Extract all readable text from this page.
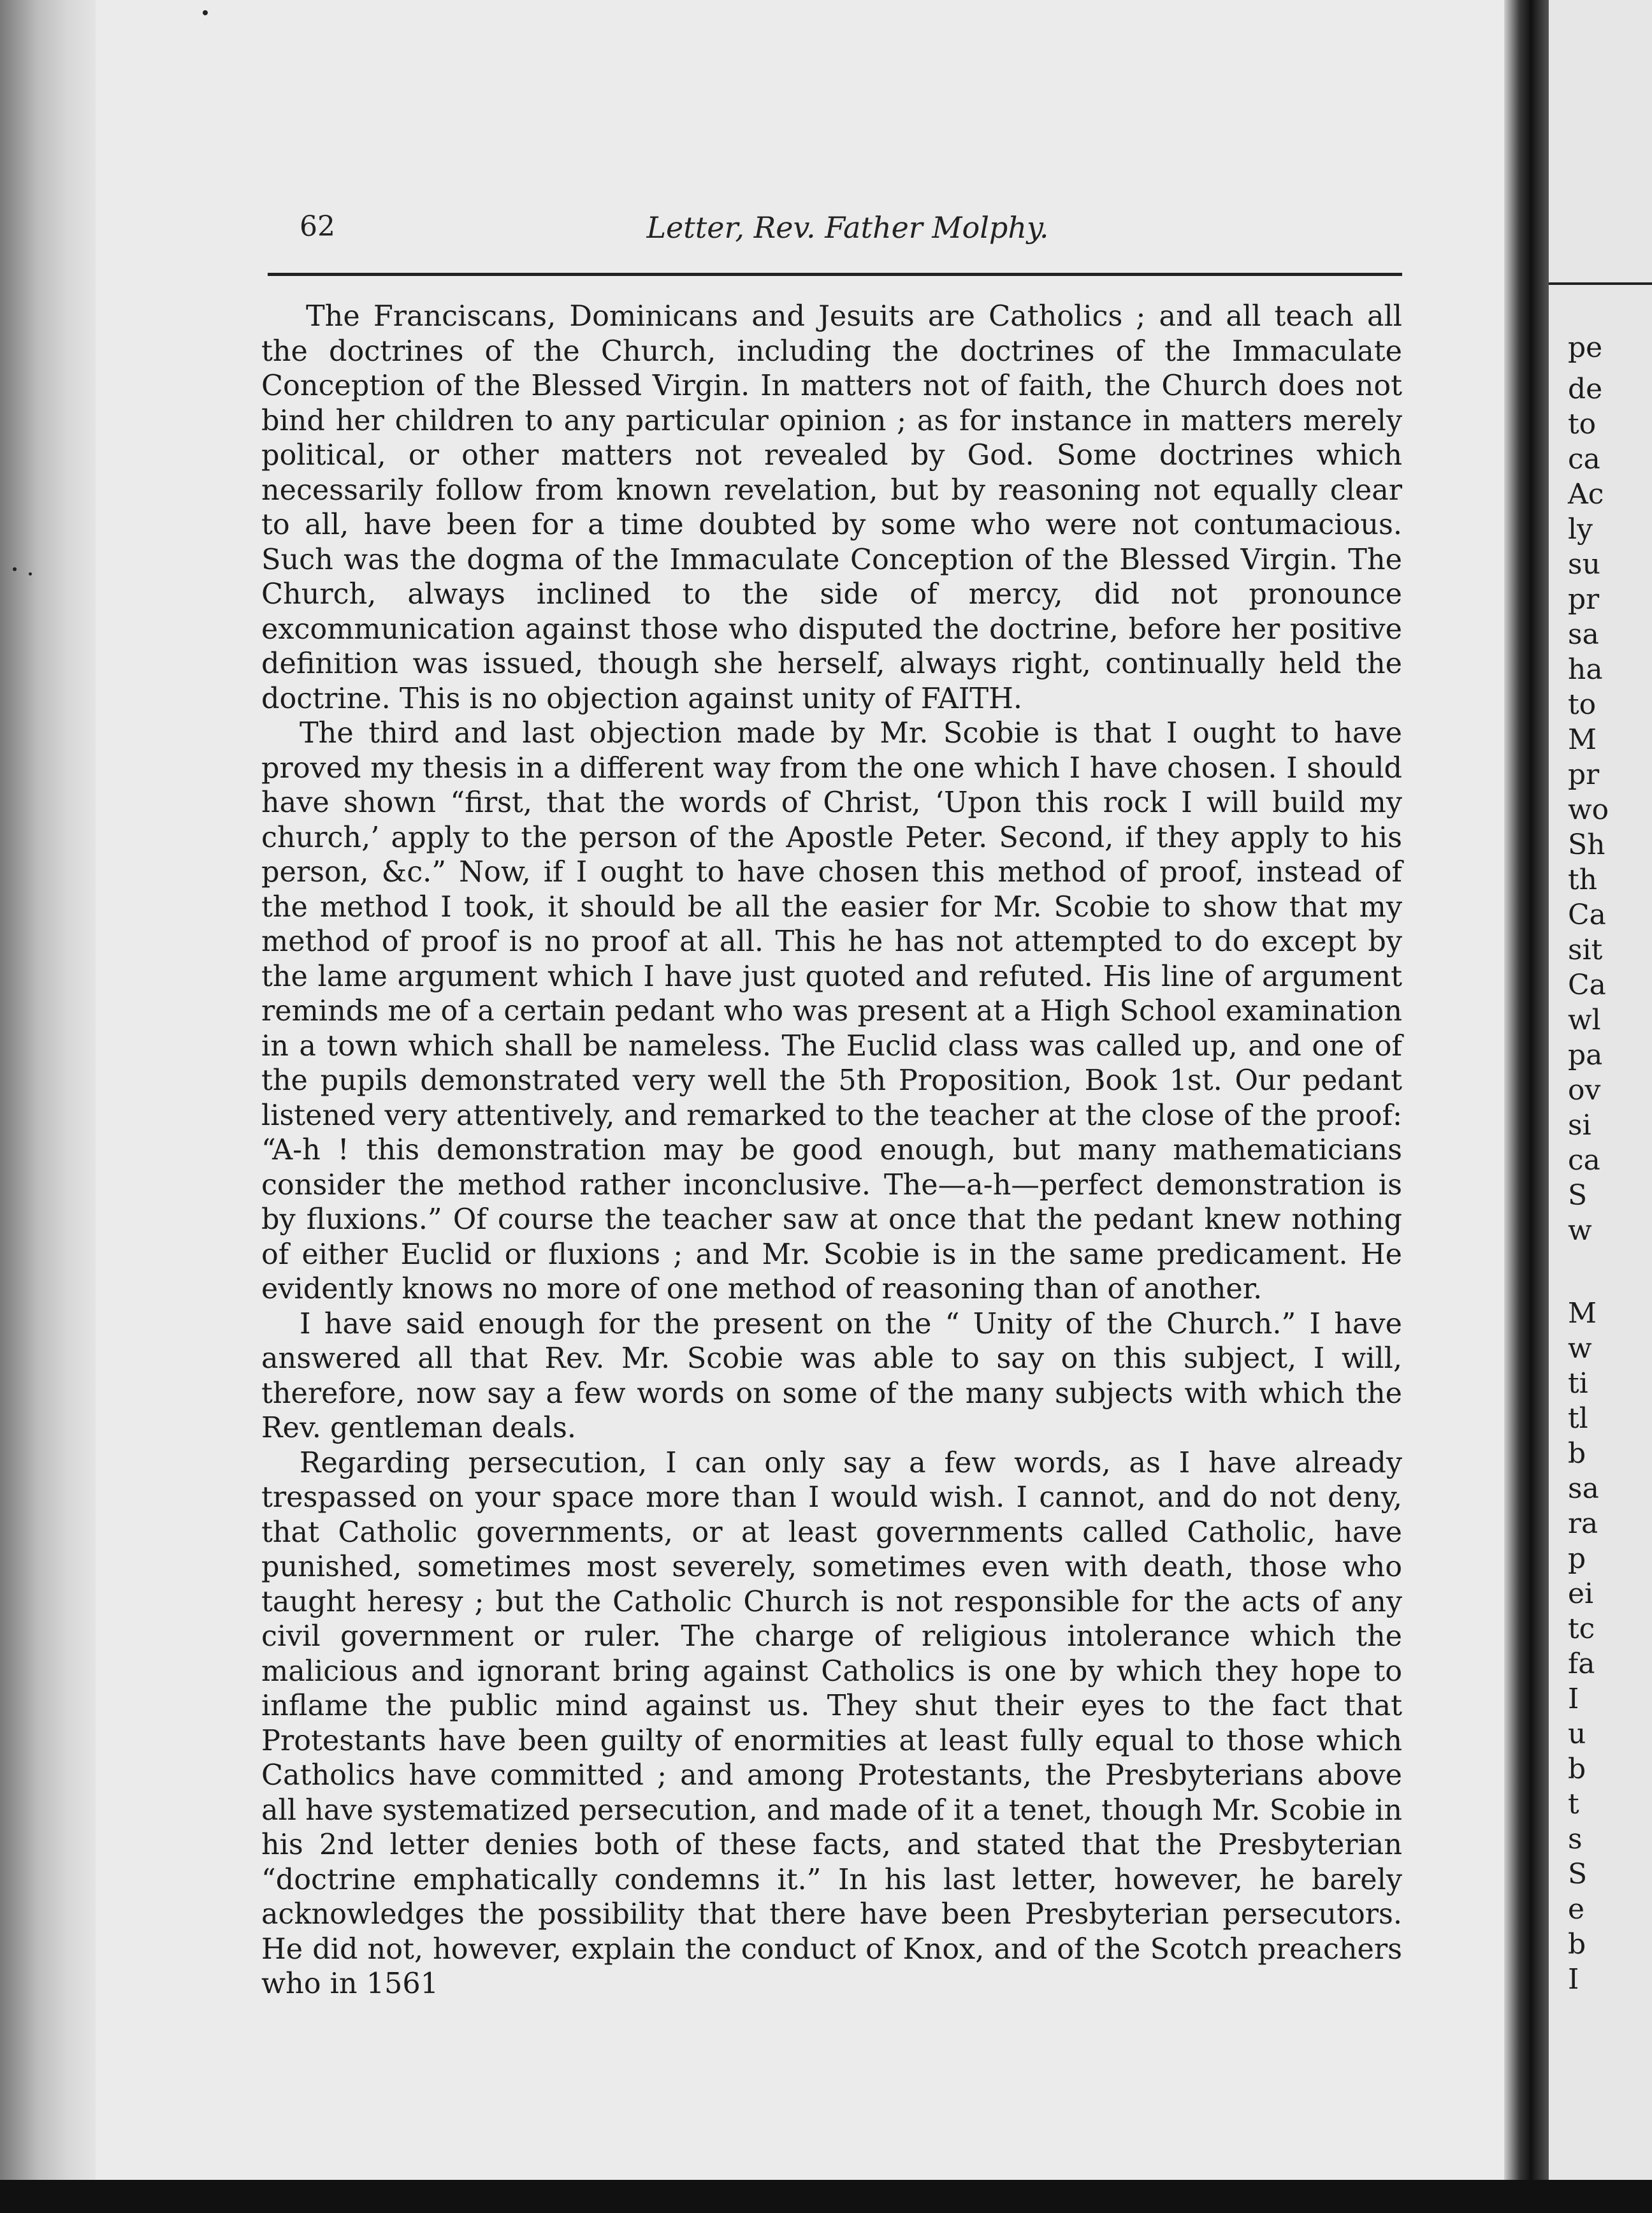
62	Letter, Rev. Father Molphy.

The Franciscans, Dominicans and Jesuits are Catholics ; and all teach all the doctrines of the Church, including the doctrines of the Immaculate Conception of the Blessed Virgin. In matters not of faith, the Church does not bind her children to any particular opinion ; as for instance in matters merely political, or other matters not revealed by God. Some doctrines which necessarily follow from known revelation, but by reasoning not equally clear to all, have been for a time doubted by some who were not contumacious. Such was the dogma of the Immaculate Conception of the Blessed Virgin. The Church, always inclined to the side of mercy, did not pronounce excommunication against those who disputed the doctrine, before her positive definition was issued, though she herself, always right, continually held the doctrine. This is no objection against unity of FAITH.

The third and last objection made by Mr. Scobie is that I ought to have proved my thesis in a different way from the one which I have chosen. I should have shown “first, that the words of Christ, ‘Upon this rock I will build my church,’ apply to the person of the Apostle Peter. Second, if they apply to his person, &c.” Now, if I ought to have chosen this method of proof, instead of the method I took, it should be all the easier for Mr. Scobie to show that my method of proof is no proof at all. This he has not attempted to do except by the lame argument which I have just quoted and refuted. His line of argument reminds me of a certain pedant who was present at a High School examination in a town which shall be nameless. The Euclid class was called up, and one of the pupils demonstrated very well the 5th Proposition, Book 1st. Our pedant listened very attentively, and remarked to the teacher at the close of the proof: “A-h ! this demonstration may be good enough, but many mathematicians consider the method rather inconclusive. The—a-h—perfect demonstration is by fluxions.” Of course the teacher saw at once that the pedant knew nothing of either Euclid or fluxions ; and Mr. Scobie is in the same predicament. He evidently knows no more of one method of reasoning than of another.

I have said enough for the present on the “ Unity of the Church.” I have answered all that Rev. Mr. Scobie was able to say on this subject, I will, therefore, now say a few words on some of the many subjects with which the Rev. gentleman deals.

Regarding persecution, I can only say a few words, as I have already trespassed on your space more than I would wish. I cannot, and do not deny, that Catholic governments, or at least governments called Catholic, have punished, sometimes most severely, sometimes even with death, those who taught heresy ; but the Catholic Church is not responsible for the acts of any civil government or ruler. The charge of religious intolerance which the malicious and ignorant bring against Catholics is one by which they hope to inflame the public mind against us. They shut their eyes to the fact that Protestants have been guilty of enormities at least fully equal to those which Catholics have committed ; and among Protestants, the Presbyterians above all have systematized persecution, and made of it a tenet, though Mr. Scobie in his 2nd letter denies both of these facts, and stated that the Presbyterian “doctrine emphatically condemns it.” In his last letter, however, he barely acknowledges the possibility that there have been Presbyterian persecutors. He did not, however, explain the conduct of Knox, and of the Scotch preachers who in 1561

pe
de
to
ca
Ac
ly
su
pr
sa
ha
to
M
pr
wo
Sh
th
Ca
sit
Ca
wl
pa
ov
si
ca
S
w
M
w
ti
tl
b
sa
ra
p
ei
tc
fa
I
u
b
t
s
S
e
b
I
